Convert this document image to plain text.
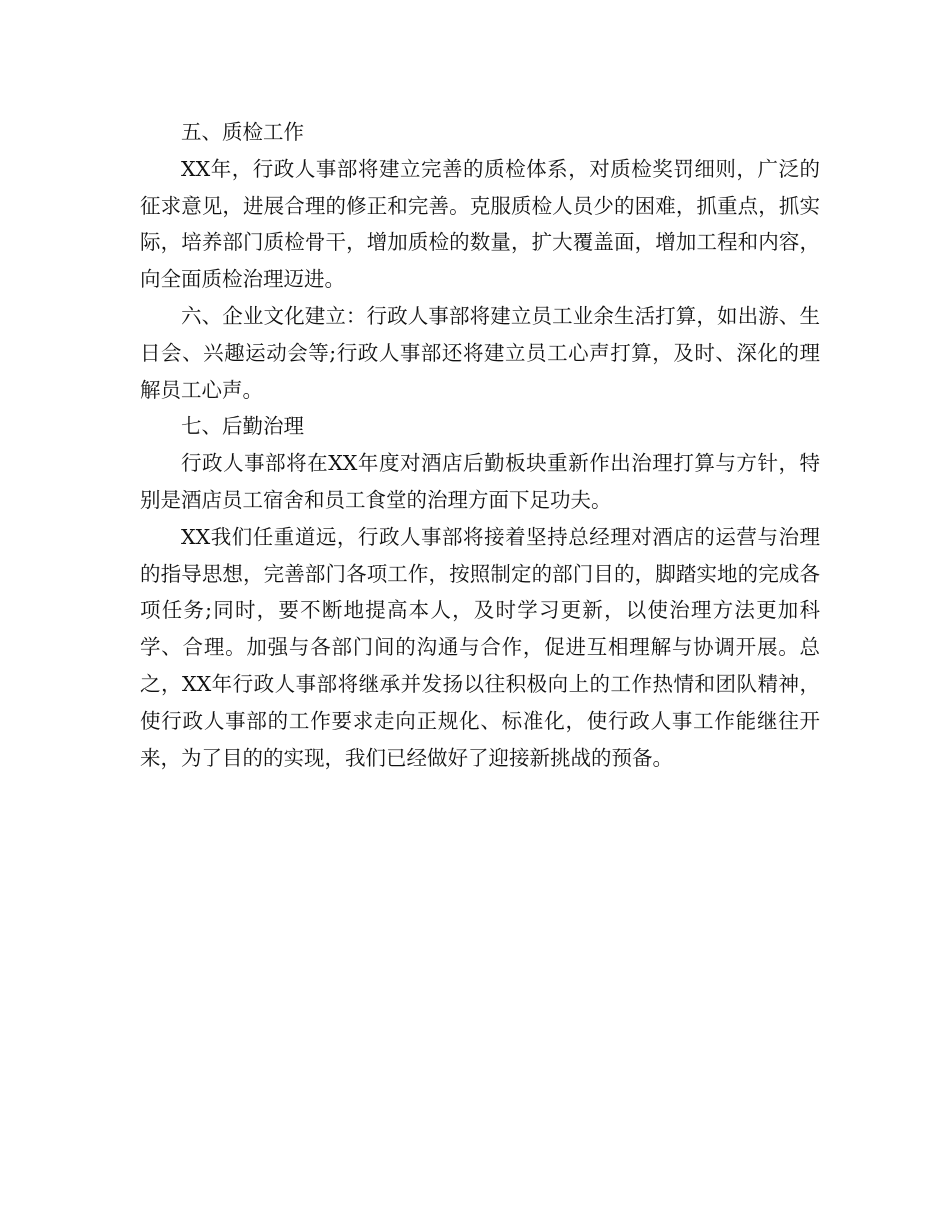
五、质检工作

XX年，行政人事部将建立完善的质检体系，对质检奖罚细则，广泛的征求意见，进展合理的修正和完善。克服质检人员少的困难，抓重点，抓实际，培养部门质检骨干，增加质检的数量，扩大覆盖面，增加工程和内容，向全面质检治理迈进。

六、企业文化建立：行政人事部将建立员工业余生活打算，如出游、生日会、兴趣运动会等;行政人事部还将建立员工心声打算，及时、深化的理解员工心声。

七、后勤治理

行政人事部将在XX年度对酒店后勤板块重新作出治理打算与方针，特别是酒店员工宿舍和员工食堂的治理方面下足功夫。

XX我们任重道远，行政人事部将接着坚持总经理对酒店的运营与治理的指导思想，完善部门各项工作，按照制定的部门目的，脚踏实地的完成各项任务;同时，要不断地提高本人，及时学习更新，以使治理方法更加科学、合理。加强与各部门间的沟通与合作，促进互相理解与协调开展。总之，XX年行政人事部将继承并发扬以往积极向上的工作热情和团队精神，使行政人事部的工作要求走向正规化、标准化，使行政人事工作能继往开来，为了目的的实现，我们已经做好了迎接新挑战的预备。
